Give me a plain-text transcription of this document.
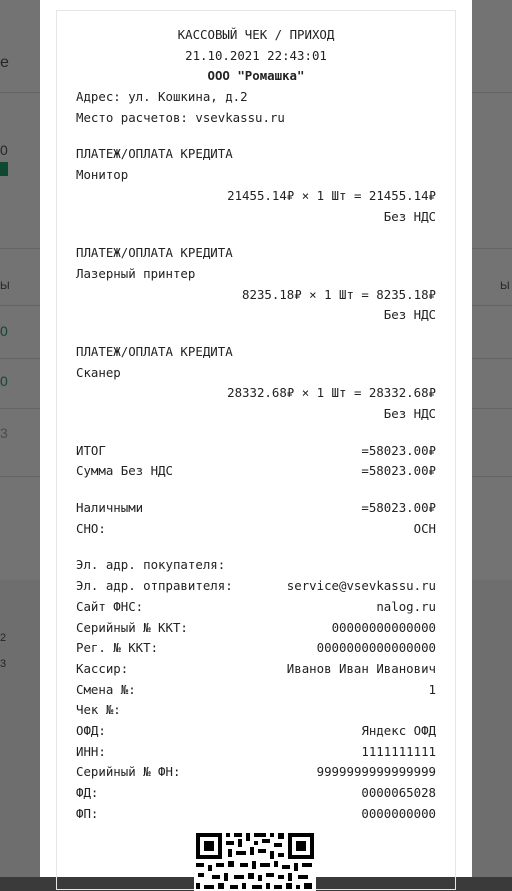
КАССОВЫЙ ЧЕК / ПРИХОД
21.10.2021 22:43:01
ООО "Ромашка"
Адрес: ул. Кошкина, д.2
Место расчетов: vsevkassu.ru
ПЛАТЕЖ/ОПЛАТА КРЕДИТА
Монитор
21455.14₽ × 1 Шт = 21455.14₽
Без НДС
ПЛАТЕЖ/ОПЛАТА КРЕДИТА
Лазерный принтер
8235.18₽ × 1 Шт = 8235.18₽
Без НДС
ПЛАТЕЖ/ОПЛАТА КРЕДИТА
Сканер
28332.68₽ × 1 Шт = 28332.68₽
Без НДС
ИТОГ	=58023.00₽
Сумма Без НДС	=58023.00₽
Наличными	=58023.00₽
СНО:	ОСН
Эл. адр. покупателя:
Эл. адр. отправителя:	service@vsevkassu.ru
Сайт ФНС:	nalog.ru
Серийный № ККТ:	00000000000000
Рег. № ККТ:	0000000000000000
Кассир:	Иванов Иван Иванович
Смена №:	1
Чек №:
ОФД:	Яндекс ОФД
ИНН:	1111111111
Серийный № ФН:	9999999999999999
ФД:	0000065028
ФП:	0000000000
